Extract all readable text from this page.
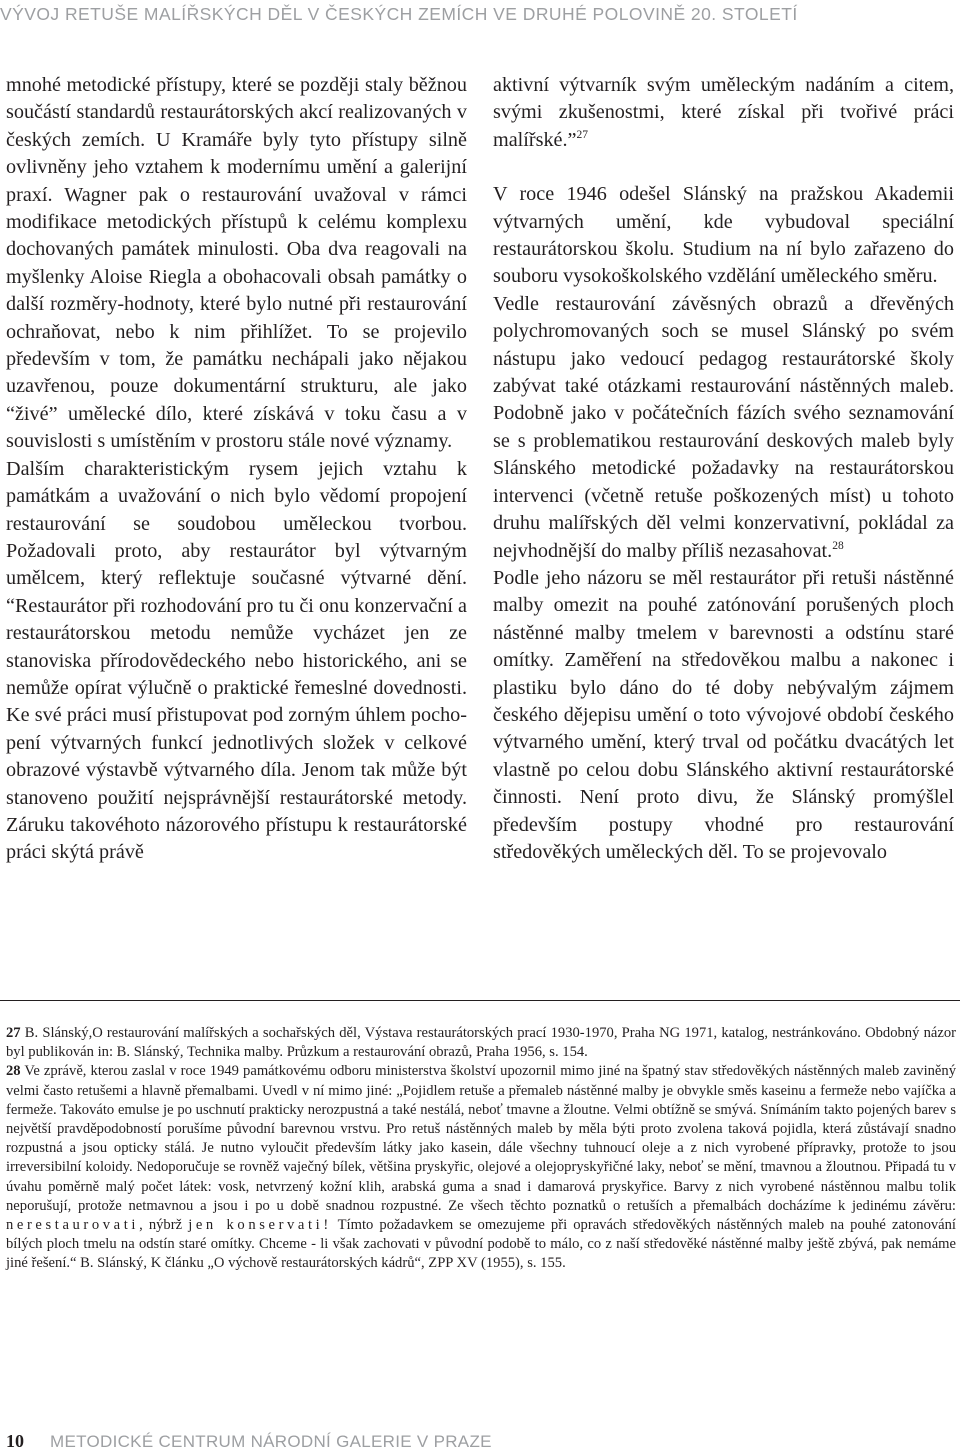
VÝVOJ RETUŠE MALÍŘSKÝCH DĚL V ČESKÝCH ZEMÍCH VE DRUHÉ POLOVINĚ 20. STOLETÍ

mnohé metodické přístupy, které se později staly běžnou součástí standardů restaurátorských akcí realizovaných v českých zemích. U Kramáře byly tyto přístupy silně ovlivněny jeho vztahem k modernímu umění a galerijní praxí. Wagner pak o restaurování uvažoval v rámci modifikace metodických přístupů k celému komplexu dochovaných památek minulosti. Oba dva reagovali na myšlenky Aloise Riegla a obohacovali obsah památky o další rozměry-hodnoty, které bylo nutné při restaurování ochraňovat, nebo k nim přihlížet. To se projevilo především v tom, že památku nechápali jako nějakou uzavřenou, pouze dokumentární strukturu, ale jako “živé” umělecké dílo, které získává v toku času a v souvislosti s umístěním v prostoru stále nové významy.

Dalším charakteristickým rysem jejich vztahu k památkám a uvažování o nich bylo vědomí propojení restaurování se soudobou uměleckou tvorbou. Požadovali proto, aby restaurátor byl výtvarným umělcem, který reflektuje současné výtvarné dění. “Restaurátor při rozhodování pro tu či onu konzervační a restaurátorskou metodu nemůže vycházet jen ze stanoviska přírodovědeckého nebo historického, ani se nemůže opírat výlučně o praktické řemeslné dovednosti. Ke své práci musí přistupovat pod zorným úhlem pochopení výtvarných funkcí jednotlivých složek v celkové obrazové výstavbě výtvarného díla. Jenom tak může být stanoveno použití nejsprávnější restaurátorské metody. Záruku takovéhoto názorového přístupu k restaurátorské práci skýtá právě

aktivní výtvarník svým uměleckým nadáním a citem, svými zkušenostmi, které získal při tvořivé práci malířské.”$^{27}$

V roce 1946 odešel Slánský na pražskou Akademii výtvarných umění, kde vybudoval speciální restaurátorskou školu. Studium na ní bylo zařazeno do souboru vysokoškolského vzdělání uměleckého směru.

Vedle restaurování závěsných obrazů a dřevěných polychromovaných soch se musel Slánský po svém nástupu jako vedoucí pedagog restaurátorské školy zabývat také otázkami restaurování nástěnných maleb. Podobně jako v počátečních fázích svého seznamování se s problematikou restaurování deskových maleb byly Slánského metodické požadavky na restaurátorskou intervenci (včetně retuše poškozených míst) u tohoto druhu malířských děl velmi konzervativní, pokládal za nejvhodnější do malby příliš nezasahovat.$^{28}$

Podle jeho názoru se měl restaurátor při retuši nástěnné malby omezit na pouhé zatónování porušených ploch nástěnné malby tmelem v barevnosti a odstínu staré omítky. Zaměření na středověkou malbu a nakonec i plastiku bylo dáno do té doby nebývalým zájmem českého dějepisu umění o toto vývojové období českého výtvarného umění, který trval od počátku dvacátých let vlastně po celou dobu Slánského aktivní restaurátorské činnosti. Není proto divu, že Slánský promýšlel především postupy vhodné pro restaurování středověkých uměleckých děl. To se projevovalo

27 B. Slánský,O restaurování malířských a sochařských děl, Výstava restaurátorských prací 1930-1970, Praha NG 1971, katalog, nestránkováno. Obdobný názor byl publikován in: B. Slánský, Technika malby. Průzkum a restaurování obrazů, Praha 1956, s. 154.

28 Ve zprávě, kterou zaslal v roce 1949 památkovému odboru ministerstva školství upozornil mimo jiné na špatný stav středověkých nástěnných maleb zaviněný velmi často retušemi a hlavně přemalbami. Uvedl v ní mimo jiné: „Pojidlem retuše a přemaleb nástěnné malby je obvykle směs kaseinu a fermeže nebo vajíčka a fermeže. Takováto emulse je po uschnutí prakticky nerozpustná a také nestálá, neboť tmavne a žloutne. Velmi obtížně se smývá. Snímáním takto pojených barev s největší pravděpodobností porušíme původní barevnou vrstvu. Pro retuš nástěnných maleb by měla býti proto zvolena taková pojidla, která zůstávají snadno rozpustná a jsou opticky stálá. Je nutno vyloučit především látky jako kasein, dále všechny tuhnoucí oleje a z nich vyrobené přípravky, protože to jsou irreversibilní koloidy. Nedoporučuje se rovněž vaječný bílek, většina pryskyřic, olejové a olejopryskyřičné laky, neboť se mění, tmavnou a žloutnou. Připadá tu v úvahu poměrně malý počet látek: vosk, netvrzený kožní klih, arabská guma a snad i damarová pryskyřice. Barvy z nich vyrobené nástěnnou malbu tolik neporušují, protože netmavnou a jsou i po u době snadnou rozpustné. Ze všech těchto poznatků o retuších a přemalbách docházíme k jedinému závěru: nerestaurovati, nýbrž jen konservati! Tímto požadavkem se omezujeme při opravách středověkých nástěnných maleb na pouhé zatonování bílých ploch tmelu na odstín staré omítky. Chceme - li však zachovati v původní podobě to málo, co z naší středověké nástěnné malby ještě zbývá, pak nemáme jiné řešení.“ B. Slánský, K článku „O výchově restaurátorských kádrů“, ZPP XV (1955), s. 155.

10 METODICKÉ CENTRUM NÁRODNÍ GALERIE V PRAZE
